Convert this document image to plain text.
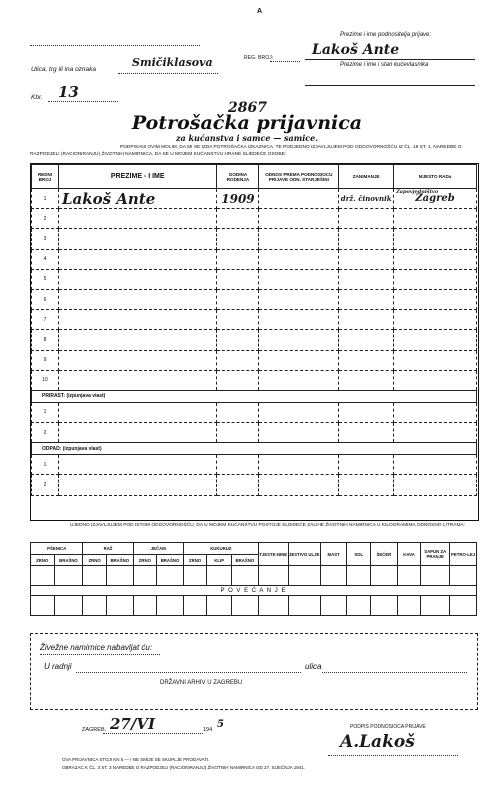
A
REG. BROJ:
Prezime i ime podnositelja prijave:
Lakoš Ante
Prezime i ime i stan kućevlasnika
Ulica, trg ili ina oznaka
Smičiklasova
Kbr. 13
2867
Potrošačka prijavnica
za kućanstva i samce — samice.
PODPISANI OVIM MOLIM, DA MI SE IZDA POTROŠAČKA IZKAZNICA, TE PODJEDNO IZJAVLJUJEM POD ODGOVORNOŠĆU IZ ČL. 18 ST. 1. NAREDBE O RAZPODJELI (RACIONIRANJU) ŽIVOTNIH NAMIRNICA, DA SE U MOJEM KUĆANSTVU HRANE SLIEDEĆE OSOBE:
REDNI BROJ	PREZIME - I IME	GODINA RODENJA	ODNOS PREMA PODNOSIOCU PRIJAVE ODN. STARJEŠINI	ZANIMANJE	MJESTO RADa
1	Lakoš Ante	1909		drž. činovnik	Zapovjedništvo
Zagreb
2					
3					
4					
5					
6					
7					
8					
9					
10					
PRIRAST: (izpunjava vlast)					
1					
2					
ODPAD: (izpunjava vlast)					
1					
2					
UJEDNO IZJAVLJUJEM POD ISTOM ODGOVORNOŠĆU, DA U MOJEM KUĆANSTVU POSTOJE SLIEDEĆE ZALIHE ŽIVOTNIH NAMIRNICA U KILOGRAMIMA ODNOSNO LITRAMA:
PŠENICA		RAŽ		JEČAM		KUKURUZ			TJESTE-NINE	JESTIVO ULJE	MAST	SOL	ŠEĆER	KAVA	SAPUN ZA PRANJE	PETRO-LEJ
ZRNO	BRAŠNO	ZRNO	BRAŠNO	ZRNO	BRAŠNO	ZRNO	KLIP	BRAŠNO								

P O V E Ć A N J E																

Živežne namirnice nabavljat ću:
U radnji	ulica
DRŽAVNI ARHIV U ZAGREBU
ZAGREB, 27/VI	194 5	PODPIS PODNOSIOCA PRIJAVE
A.Lakoš
OVA PRIJAVNICA STOJI KN 5 — I NE SMIJE SE SKUPLJE PRODAVATI.
OBRAZAC K ČL. 3 ST. 3 NAREDBE O RAZPODJELI (RACIONIRANJU) ŽIVOTNIH NAMIRNICA OD 27. SIJEČNJA 1941.
